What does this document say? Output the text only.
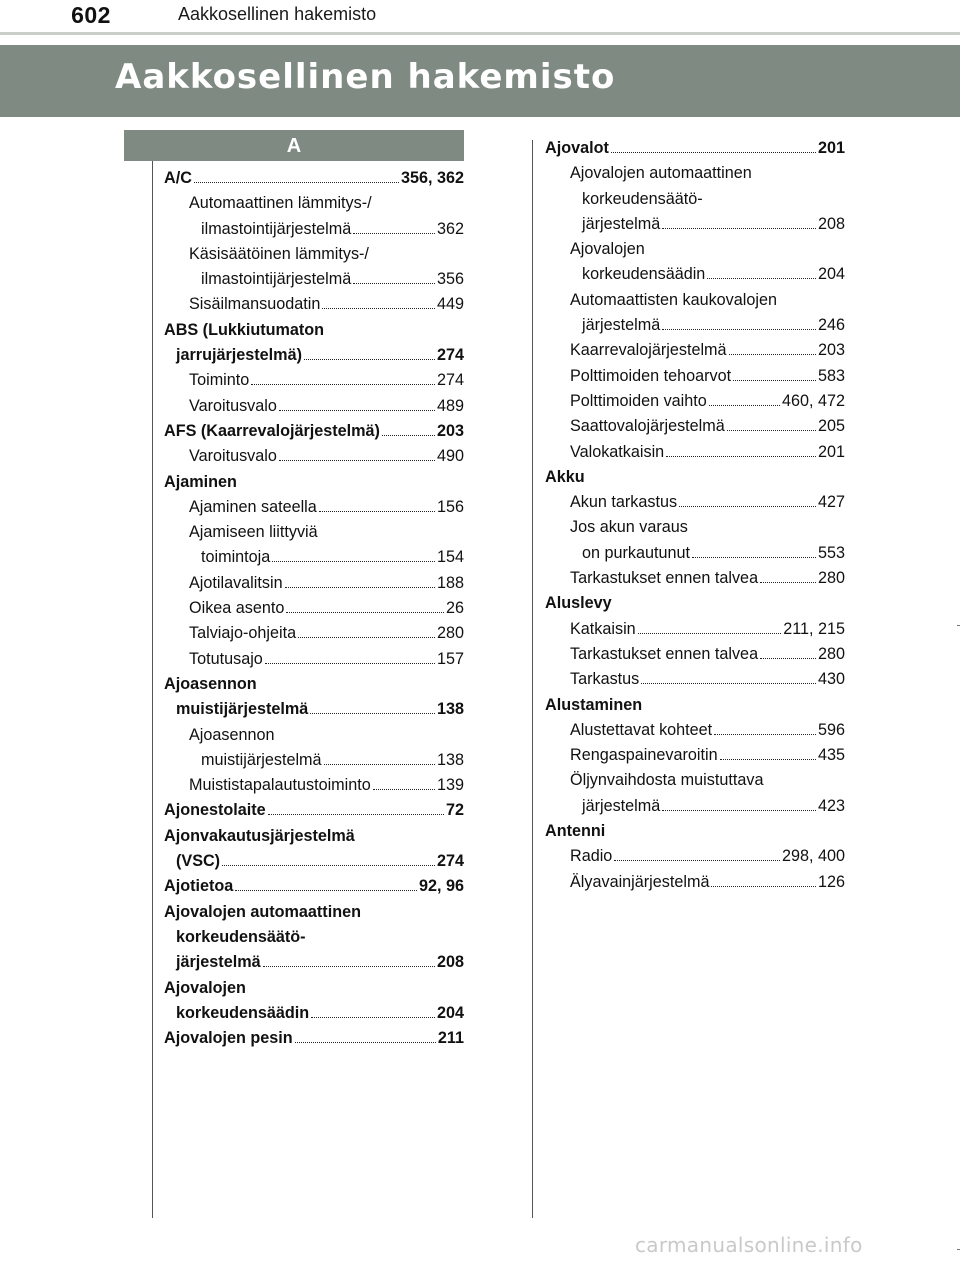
602	Aakkosellinen hakemisto
Aakkosellinen hakemisto
A
A/C	356, 362
Automaattinen lämmitys-/
ilmastointijärjestelmä	362
Käsisäätöinen lämmitys-/
ilmastointijärjestelmä	356
Sisäilmansuodatin	449
ABS (Lukkiutumaton
jarrujärjestelmä)	274
Toiminto	274
Varoitusvalo	489
AFS (Kaarrevalojärjestelmä)	203
Varoitusvalo	490
Ajaminen
Ajaminen sateella	156
Ajamiseen liittyviä
toimintoja	154
Ajotilavalitsin	188
Oikea asento	26
Talviajo-ohjeita	280
Totutusajo	157
Ajoasennon
muistijärjestelmä	138
Ajoasennon
muistijärjestelmä	138
Muististapalautustoiminto	139
Ajonestolaite	72
Ajonvakautusjärjestelmä
(VSC)	274
Ajotietoa	92, 96
Ajovalojen automaattinen
korkeudensäätö-
järjestelmä	208
Ajovalojen
korkeudensäädin	204
Ajovalojen pesin	211
Ajovalot	201
Ajovalojen automaattinen
korkeudensäätö-
järjestelmä	208
Ajovalojen
korkeudensäädin	204
Automaattisten kaukovalojen
järjestelmä	246
Kaarrevalojärjestelmä	203
Polttimoiden tehoarvot	583
Polttimoiden vaihto	460, 472
Saattovalojärjestelmä	205
Valokatkaisin	201
Akku
Akun tarkastus	427
Jos akun varaus
on purkautunut	553
Tarkastukset ennen talvea	280
Aluslevy
Katkaisin	211, 215
Tarkastukset ennen talvea	280
Tarkastus	430
Alustaminen
Alustettavat kohteet	596
Rengaspainevaroitin	435
Öljynvaihdosta muistuttava
järjestelmä	423
Antenni
Radio	298, 400
Älyavainjärjestelmä	126
carmanualsonline.info
